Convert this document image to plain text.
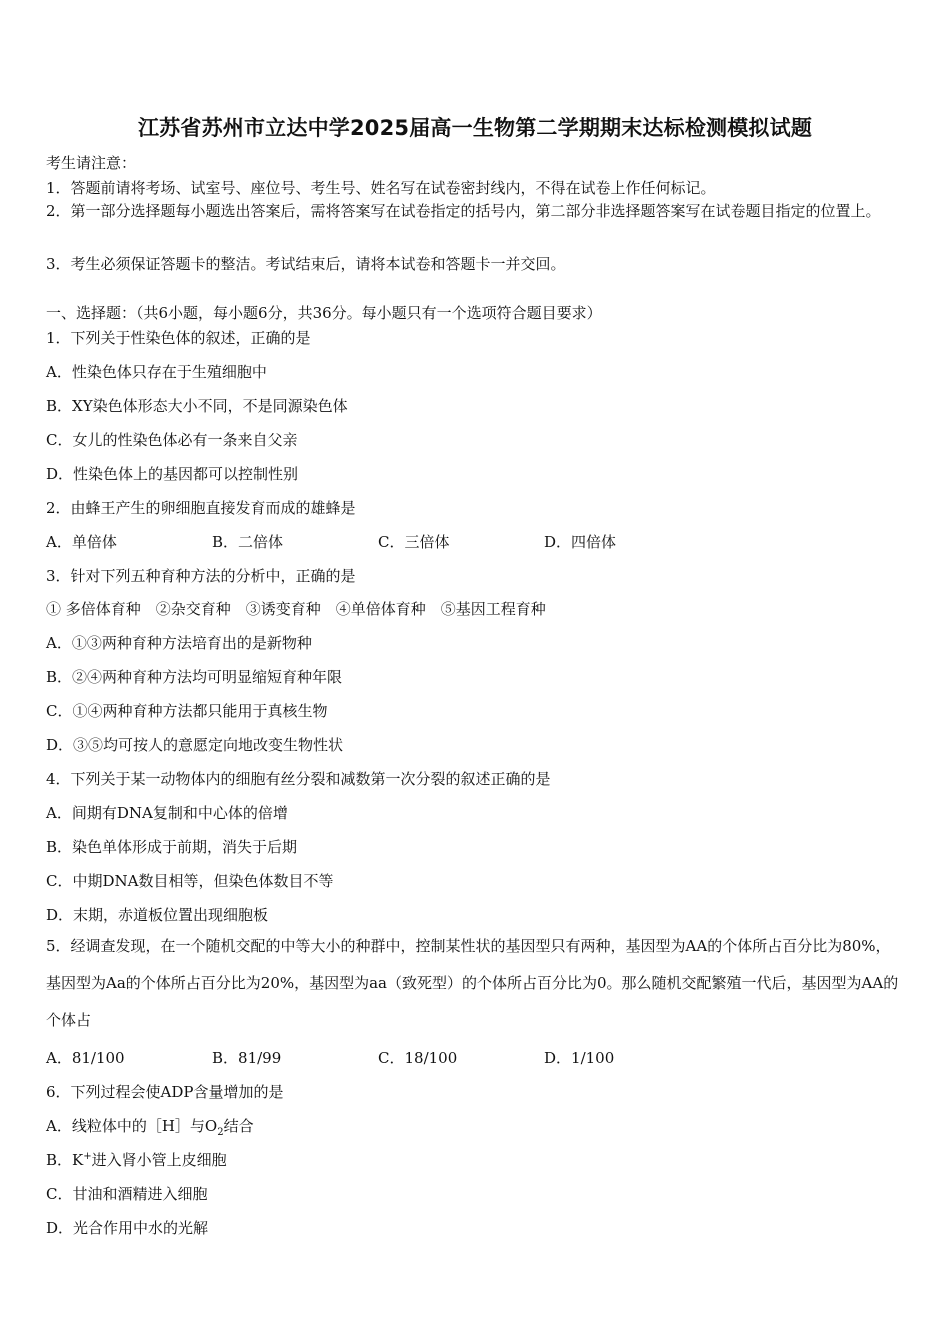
江苏省苏州市立达中学2025届高一生物第二学期期末达标检测模拟试题
考生请注意：
1．答题前请将考场、试室号、座位号、考生号、姓名写在试卷密封线内，不得在试卷上作任何标记。
2．第一部分选择题每小题选出答案后，需将答案写在试卷指定的括号内，第二部分非选择题答案写在试卷题目指定的位置上。
3．考生必须保证答题卡的整洁。考试结束后，请将本试卷和答题卡一并交回。
一、选择题：（共6小题，每小题6分，共36分。每小题只有一个选项符合题目要求）
1．下列关于性染色体的叙述，正确的是
A．性染色体只存在于生殖细胞中
B．XY染色体形态大小不同，不是同源染色体
C．女儿的性染色体必有一条来自父亲
D．性染色体上的基因都可以控制性别
2．由蜂王产生的卵细胞直接发育而成的雄蜂是
A．单倍体	B．二倍体	C．三倍体	D．四倍体
3．针对下列五种育种方法的分析中，正确的是
① 多倍体育种　②杂交育种　③诱变育种　④单倍体育种　⑤基因工程育种
A．①③两种育种方法培育出的是新物种
B．②④两种育种方法均可明显缩短育种年限
C．①④两种育种方法都只能用于真核生物
D．③⑤均可按人的意愿定向地改变生物性状
4．下列关于某一动物体内的细胞有丝分裂和减数第一次分裂的叙述正确的是
A．间期有DNA复制和中心体的倍增
B．染色单体形成于前期，消失于后期
C．中期DNA数目相等，但染色体数目不等
D．末期，赤道板位置出现细胞板
5．经调查发现，在一个随机交配的中等大小的种群中，控制某性状的基因型只有两种，基因型为AA的个体所占百分比为80%，基因型为Aa的个体所占百分比为20%，基因型为aa（致死型）的个体所占百分比为0。那么随机交配繁殖一代后，基因型为AA的个体占
A．81/100	B．81/99	C．18/100	D．1/100
6．下列过程会使ADP含量增加的是
A．线粒体中的［H］与$O_2$结合
B．K+进入肾小管上皮细胞
C．甘油和酒精进入细胞
D．光合作用中水的光解
